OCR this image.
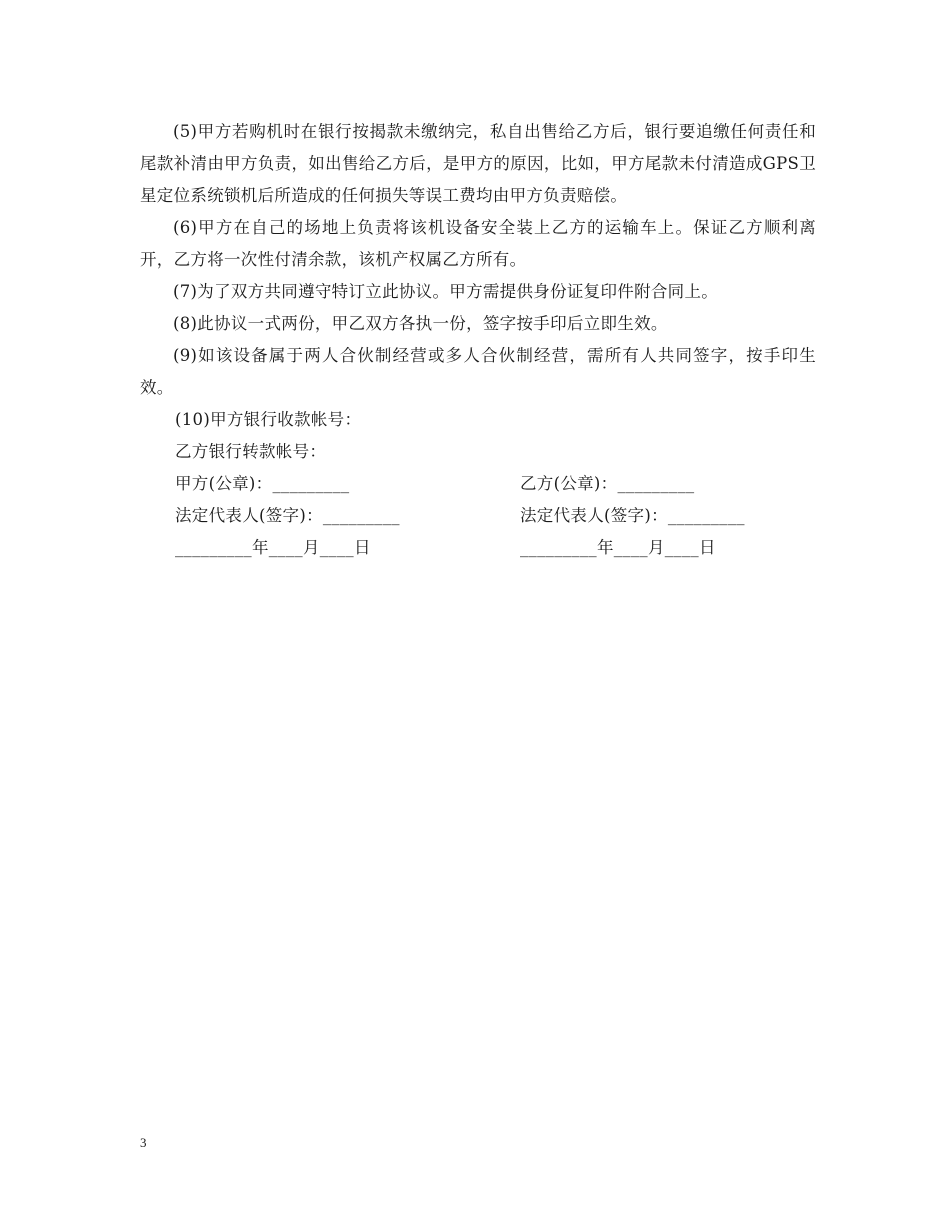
(5)甲方若购机时在银行按揭款未缴纳完，私自出售给乙方后，银行要追缴任何责任和尾款补清由甲方负责，如出售给乙方后，是甲方的原因，比如，甲方尾款未付清造成GPS卫星定位系统锁机后所造成的任何损失等误工费均由甲方负责赔偿。

(6)甲方在自己的场地上负责将该机设备安全装上乙方的运输车上。保证乙方顺利离开，乙方将一次性付清余款，该机产权属乙方所有。

(7)为了双方共同遵守特订立此协议。甲方需提供身份证复印件附合同上。

(8)此协议一式两份，甲乙双方各执一份，签字按手印后立即生效。

(9)如该设备属于两人合伙制经营或多人合伙制经营，需所有人共同签字，按手印生效。

(10)甲方银行收款帐号：

乙方银行转款帐号：

甲方(公章)：_________	乙方(公章)：_________
法定代表人(签字)：_________	法定代表人(签字)：_________
_________年____月____日	_________年____月____日
3
